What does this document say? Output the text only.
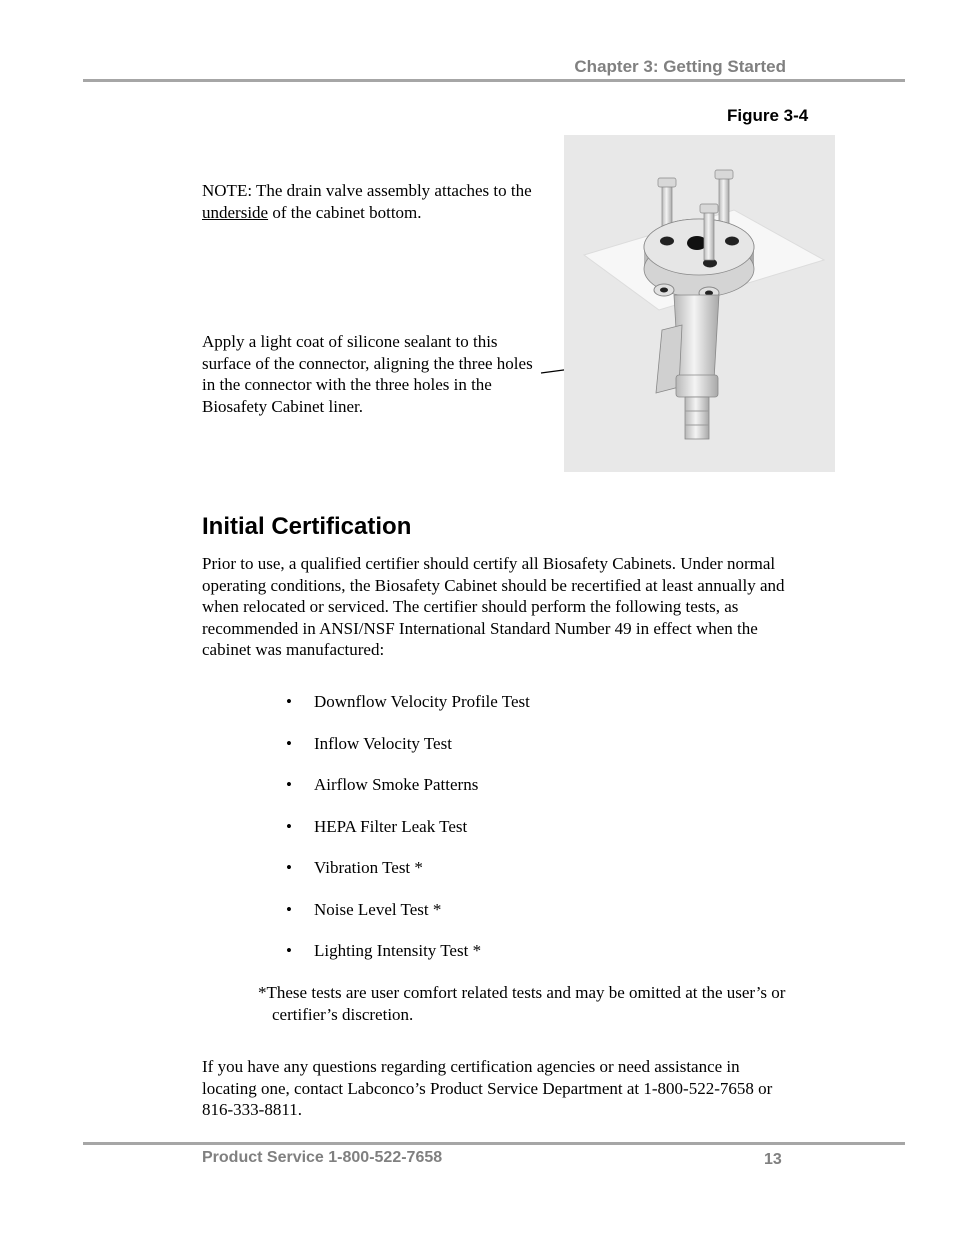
Chapter 3: Getting Started
Figure 3-4

NOTE: The drain valve assembly attaches to the underside of the cabinet bottom.

Apply a light coat of silicone sealant to this surface of the connector, aligning the three holes in the connector with the three holes in the Biosafety Cabinet liner.

Initial Certification

Prior to use, a qualified certifier should certify all Biosafety Cabinets. Under normal operating conditions, the Biosafety Cabinet should be recertified at least annually and when relocated or serviced. The certifier should perform the following tests, as recommended in ANSI/NSF International Standard Number 49 in effect when the cabinet was manufactured:

• Downflow Velocity Profile Test
• Inflow Velocity Test
• Airflow Smoke Patterns
• HEPA Filter Leak Test
• Vibration Test *
• Noise Level Test *
• Lighting Intensity Test *

*These tests are user comfort related tests and may be omitted at the user’s or certifier’s discretion.

If you have any questions regarding certification agencies or need assistance in locating one, contact Labconco’s Product Service Department at 1-800-522-7658 or 816-333-8811.

Product Service 1-800-522-7658	13
